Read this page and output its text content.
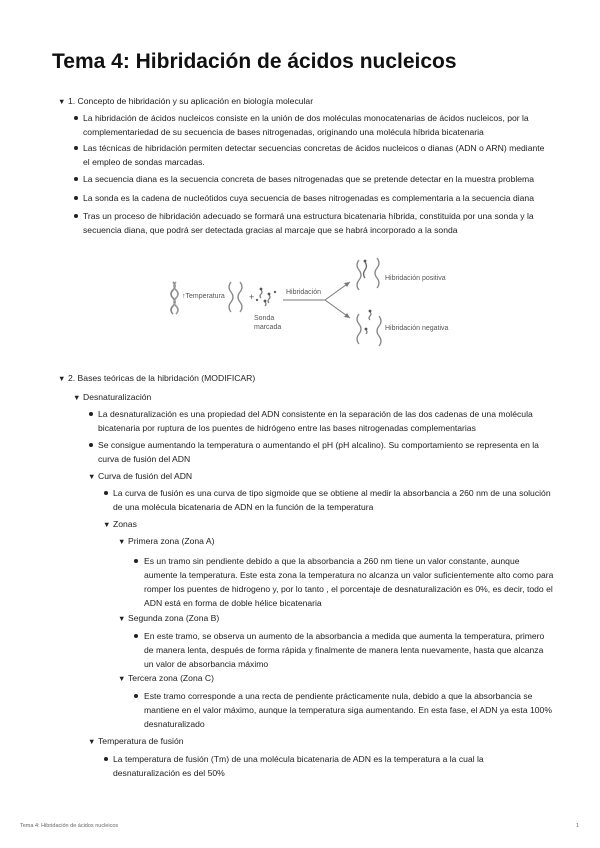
Tema 4: Hibridación de ácidos nucleicos
▼ 1. Concepto de hibridación y su aplicación en biología molecular
La hibridación de ácidos nucleicos consiste en la unión de dos moléculas monocatenarias de ácidos nucleicos, por la complementariedad de su secuencia de bases nitrogenadas, originando una molécula híbrida bicatenaria
Las técnicas de hibridación permiten detectar secuencias concretas de ácidos nucleicos o dianas (ADN o ARN) mediante el empleo de sondas marcadas.
La secuencia diana es la secuencia concreta de bases nitrogenadas que se pretende detectar en la muestra problema
La sonda es la cadena de nucleótidos cuya secuencia de bases nitrogenadas es complementaria a la secuencia diana
Tras un proceso de hibridación adecuado se formará una estructura bicatenaria híbrida, constituida por una sonda y la secuencia diana, que podrá ser detectada gracias al marcaje que se habrá incorporado a la sonda
↑Temperatura	+
Sonda
marcada
Hibridación
Hibridación positiva
Hibridación negativa
▼ 2. Bases teóricas de la hibridación (MODIFICAR)
▼ Desnaturalización
La desnaturalización es una propiedad del ADN consistente en la separación de las dos cadenas de una molécula bicatenaria por ruptura de los puentes de hidrógeno entre las bases nitrogenadas complementarias
Se consigue aumentando la temperatura o aumentando el pH (pH alcalino). Su comportamiento se representa en la curva de fusión del ADN
▼ Curva de fusión del ADN
La curva de fusión es una curva de tipo sigmoide que se obtiene al medir la absorbancia a 260 nm de una solución de una molécula bicatenaria de ADN en la función de la temperatura
▼ Zonas
▼ Primera zona (Zona A)
Es un tramo sin pendiente debido a que la absorbancia a 260 nm tiene un valor constante, aunque aumente la temperatura. Este esta zona la temperatura no alcanza un valor suficientemente alto como para romper los puentes de hidrogeno y, por lo tanto , el porcentaje de desnaturalización es 0%, es decir, todo el ADN está en forma de doble hélice bicatenaria
▼ Segunda zona (Zona B)
En este tramo, se observa un aumento de la absorbancia a medida que aumenta la temperatura, primero de manera lenta, después de forma rápida y finalmente de manera lenta nuevamente, hasta que alcanza un valor de absorbancia máximo
▼ Tercera zona (Zona C)
Este tramo corresponde a una recta de pendiente prácticamente nula, debido a que la absorbancia se mantiene en el valor máximo, aunque la temperatura siga aumentando. En esta fase, el ADN ya esta 100% desnaturalizado
▼ Temperatura de fusión
La temperatura de fusión (Tm) de una molécula bicatenaria de ADN es la temperatura a la cual la desnaturalización es del 50%
Tema 4: Hibridación de ácidos nucleicos	1
